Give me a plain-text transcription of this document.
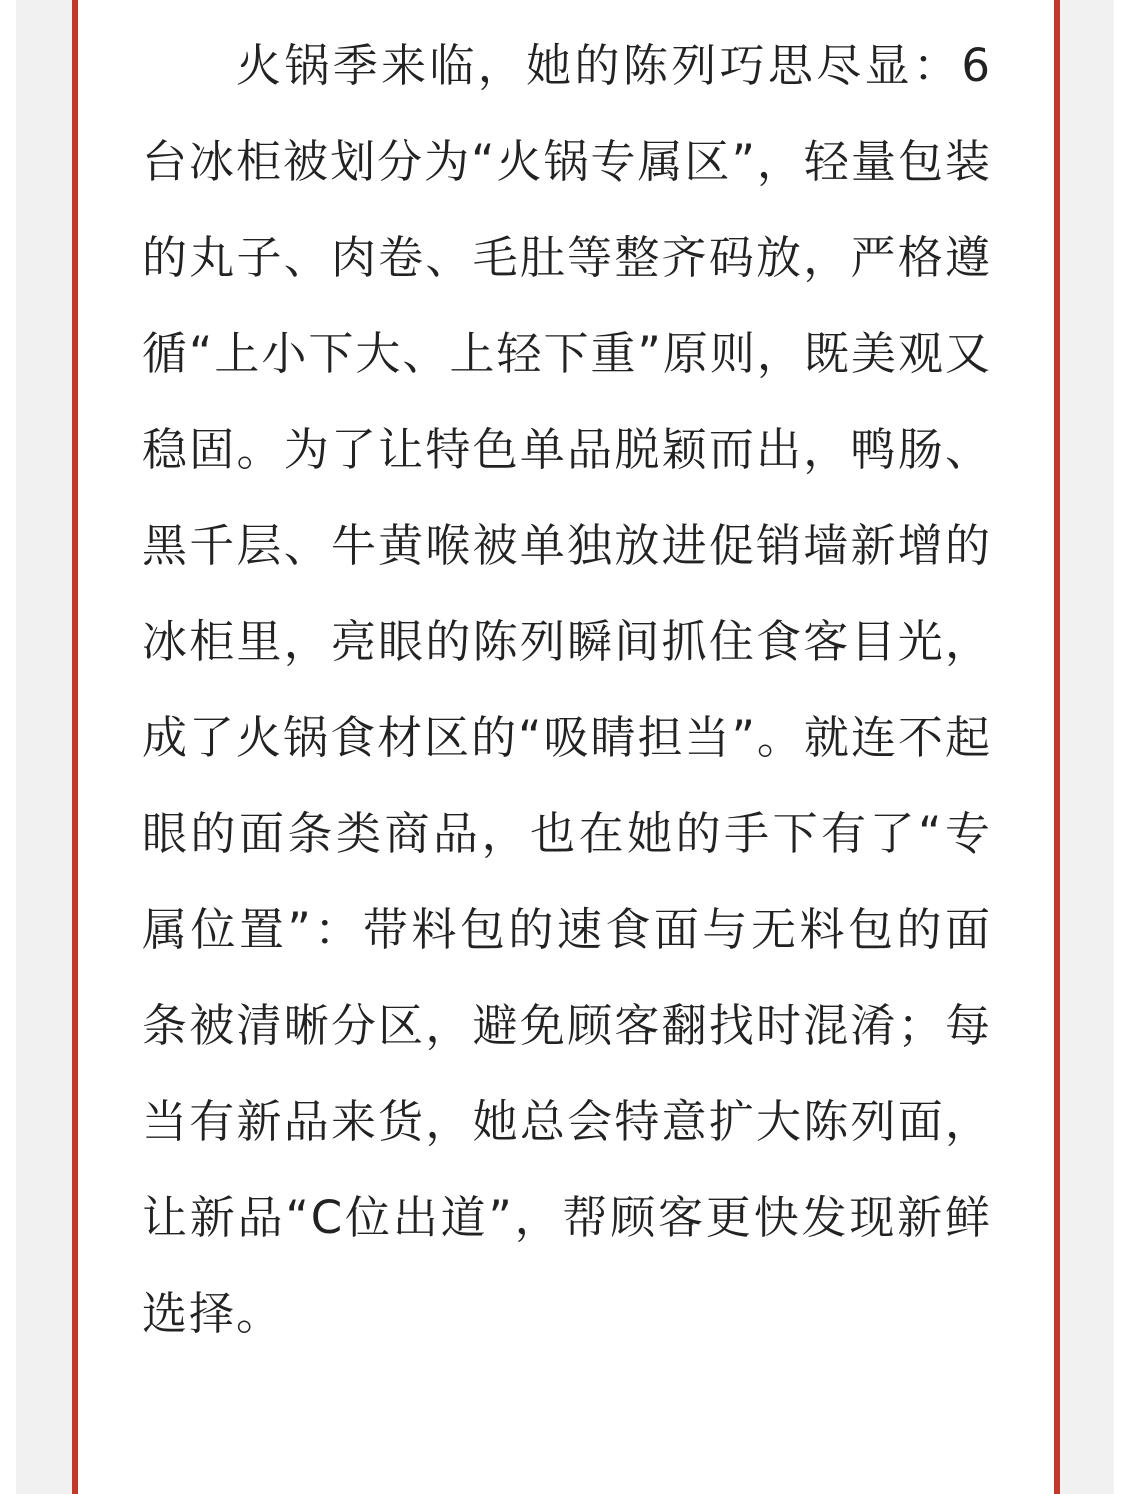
火锅季来临，她的陈列巧思尽显：6台冰柜被划分为“火锅专属区”，轻量包装的丸子、肉卷、毛肚等整齐码放，严格遵循“上小下大、上轻下重”原则，既美观又稳固。为了让特色单品脱颖而出，鸭肠、黑千层、牛黄喉被单独放进促销墙新增的冰柜里，亮眼的陈列瞬间抓住食客目光，成了火锅食材区的“吸睛担当”。就连不起眼的面条类商品，也在她的手下有了“专属位置”：带料包的速食面与无料包的面条被清晰分区，避免顾客翻找时混淆；每当有新品来货，她总会特意扩大陈列面，让新品“C位出道”，帮顾客更快发现新鲜选择。
